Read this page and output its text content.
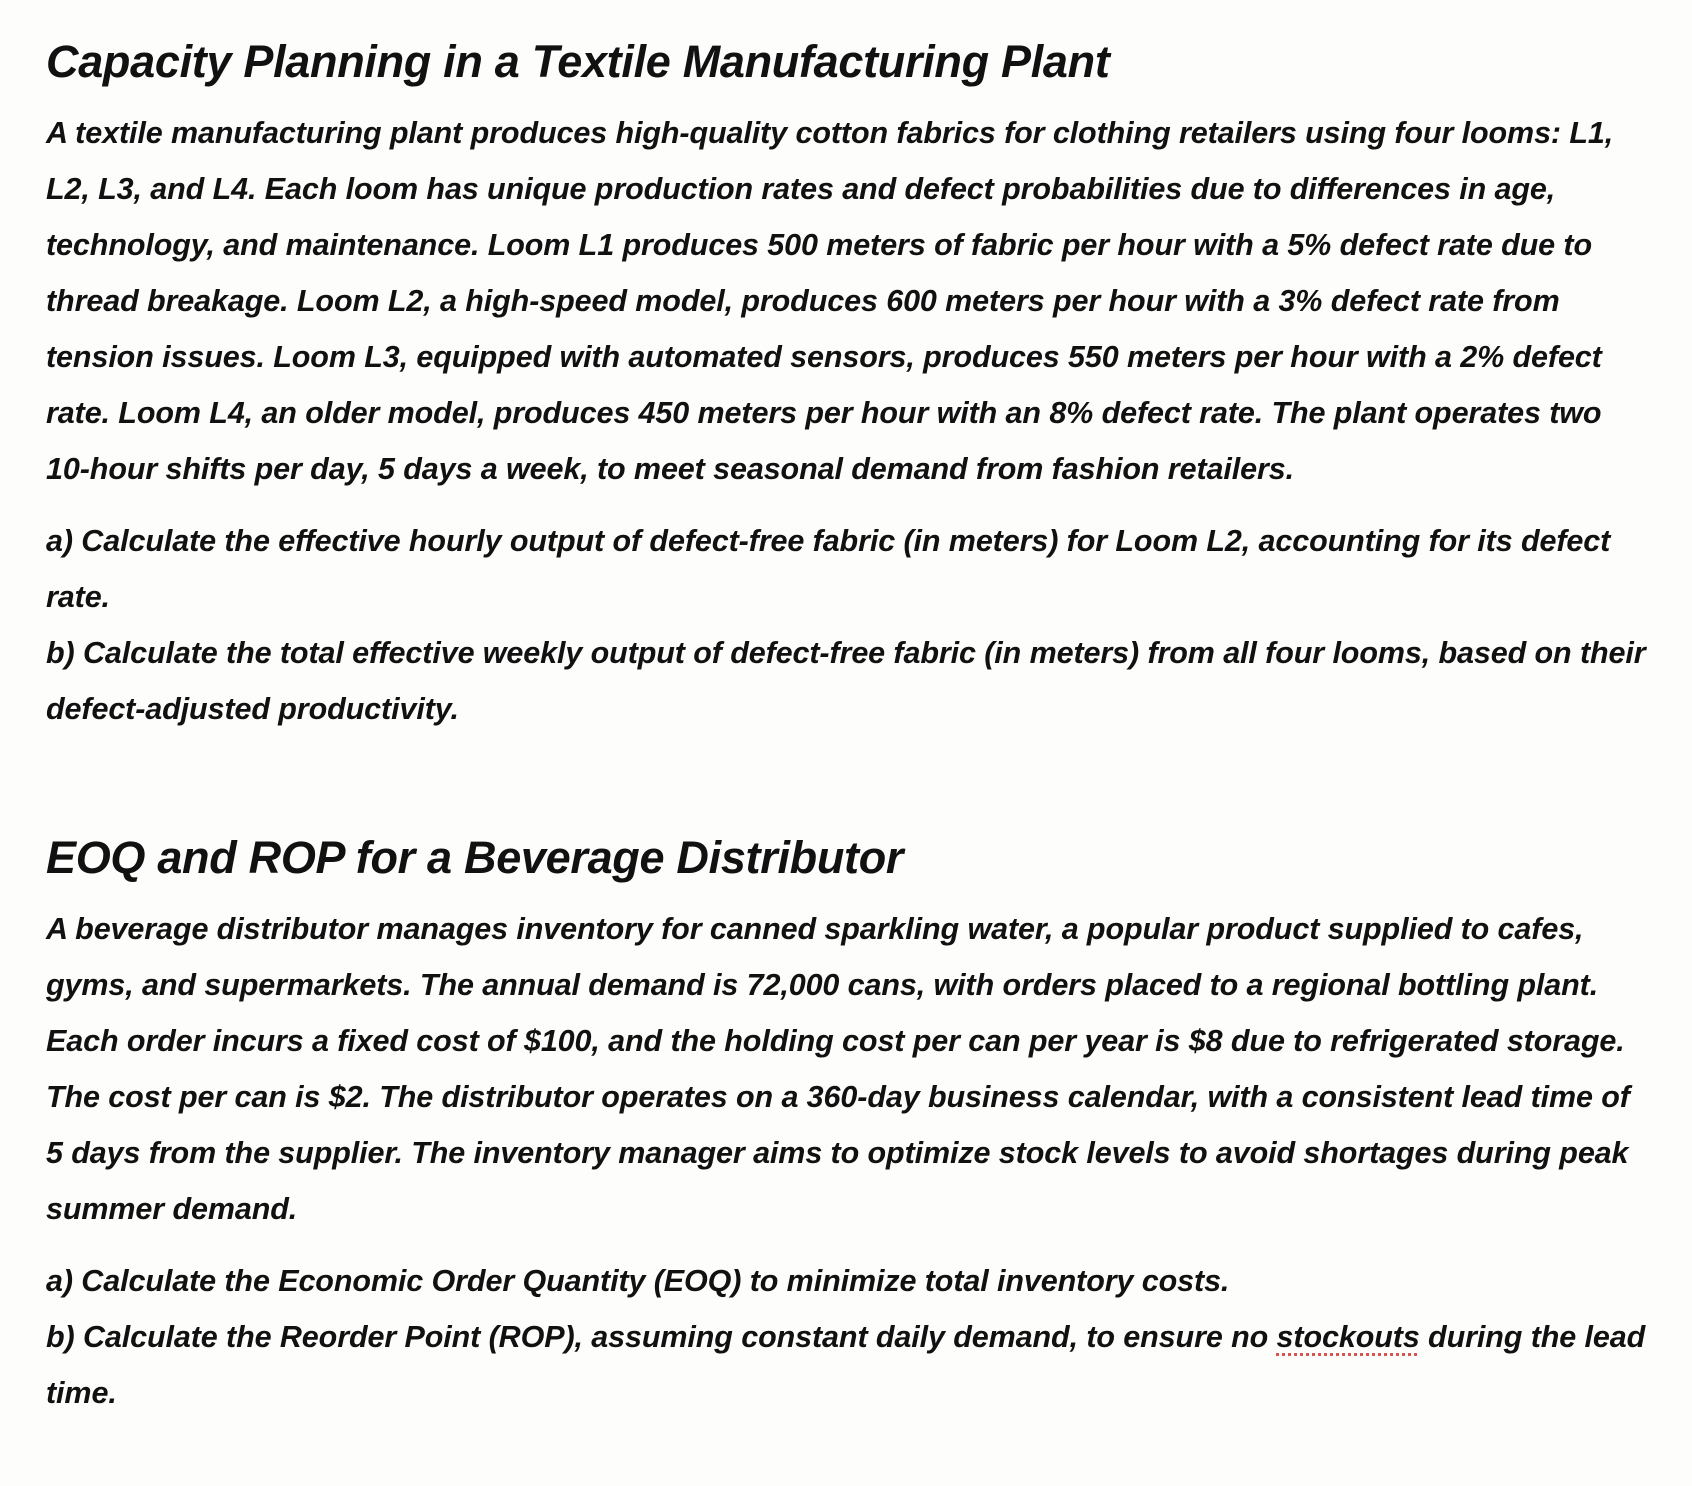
Capacity Planning in a Textile Manufacturing Plant

A textile manufacturing plant produces high-quality cotton fabrics for clothing retailers using four looms: L1, L2, L3, and L4. Each loom has unique production rates and defect probabilities due to differences in age, technology, and maintenance. Loom L1 produces 500 meters of fabric per hour with a 5% defect rate due to thread breakage. Loom L2, a high-speed model, produces 600 meters per hour with a 3% defect rate from tension issues. Loom L3, equipped with automated sensors, produces 550 meters per hour with a 2% defect rate. Loom L4, an older model, produces 450 meters per hour with an 8% defect rate. The plant operates two 10-hour shifts per day, 5 days a week, to meet seasonal demand from fashion retailers.

a) Calculate the effective hourly output of defect-free fabric (in meters) for Loom L2, accounting for its defect rate.

b) Calculate the total effective weekly output of defect-free fabric (in meters) from all four looms, based on their defect-adjusted productivity.

EOQ and ROP for a Beverage Distributor

A beverage distributor manages inventory for canned sparkling water, a popular product supplied to cafes, gyms, and supermarkets. The annual demand is 72,000 cans, with orders placed to a regional bottling plant. Each order incurs a fixed cost of $100, and the holding cost per can per year is $8 due to refrigerated storage. The cost per can is $2. The distributor operates on a 360-day business calendar, with a consistent lead time of 5 days from the supplier. The inventory manager aims to optimize stock levels to avoid shortages during peak summer demand.

a) Calculate the Economic Order Quantity (EOQ) to minimize total inventory costs.

b) Calculate the Reorder Point (ROP), assuming constant daily demand, to ensure no stockouts during the lead time.
